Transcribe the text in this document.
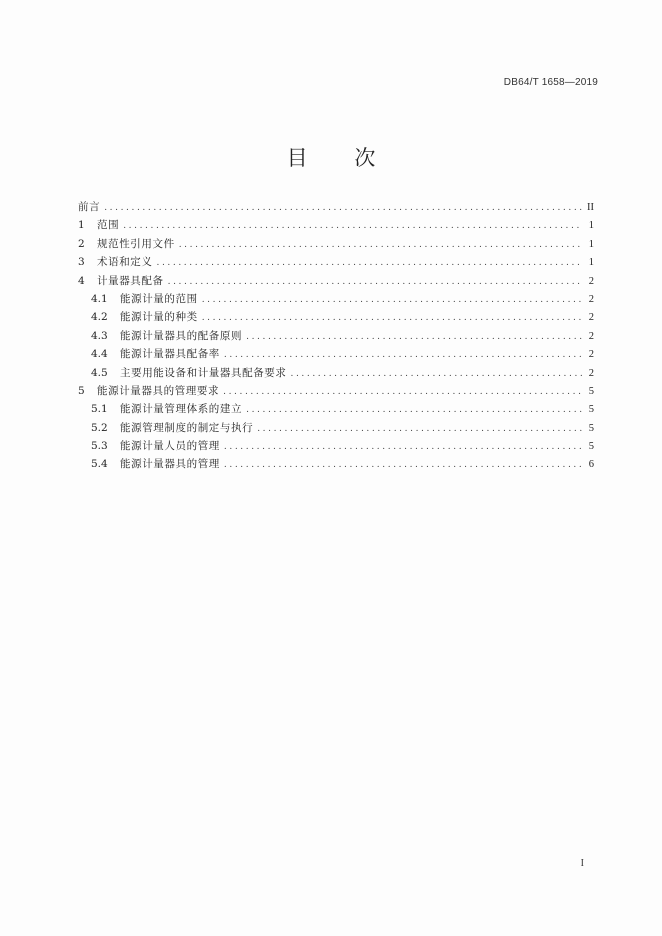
DB64/T 1658—2019
目 次
前言 .....	II
1	范围 .....	1
2	规范性引用文件 .....	1
3	术语和定义 .....	1
4	计量器具配备 .....	2
4.1	能源计量的范围 .....	2
4.2	能源计量的种类 .....	2
4.3	能源计量器具的配备原则 .....	2
4.4	能源计量器具配备率 .....	2
4.5	主要用能设备和计量器具配备要求 .....	2
5	能源计量器具的管理要求 .....	5
5.1	能源计量管理体系的建立 .....	5
5.2	能源管理制度的制定与执行 .....	5
5.3	能源计量人员的管理 .....	5
5.4	能源计量器具的管理 .....	6
I
